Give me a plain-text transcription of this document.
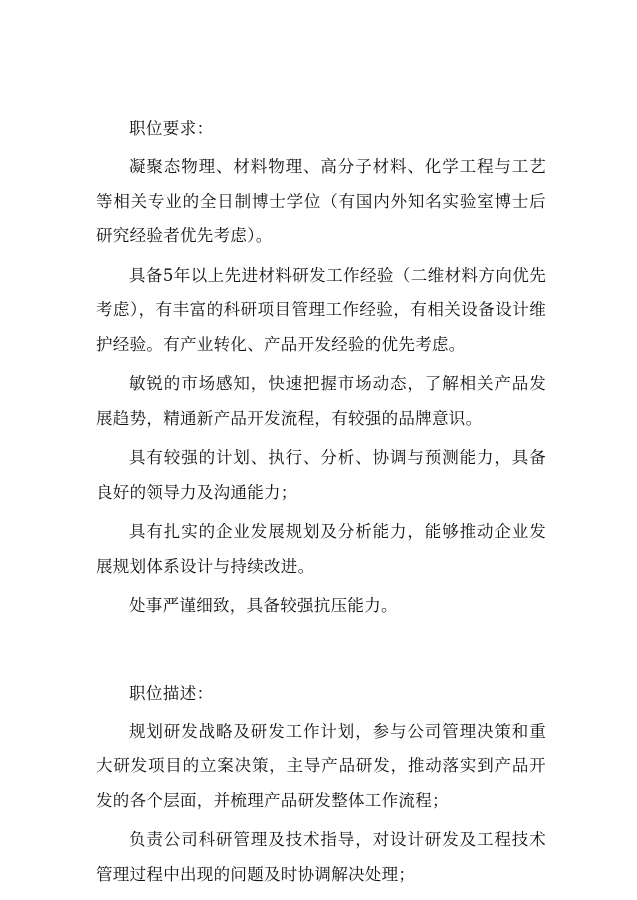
职位要求：

凝聚态物理、材料物理、高分子材料、化学工程与工艺等相关专业的全日制博士学位（有国内外知名实验室博士后研究经验者优先考虑）。

具备5年以上先进材料研发工作经验（二维材料方向优先考虑），有丰富的科研项目管理工作经验，有相关设备设计维护经验。有产业转化、产品开发经验的优先考虑。

敏锐的市场感知，快速把握市场动态，了解相关产品发展趋势，精通新产品开发流程，有较强的品牌意识。

具有较强的计划、执行、分析、协调与预测能力，具备良好的领导力及沟通能力；

具有扎实的企业发展规划及分析能力，能够推动企业发展规划体系设计与持续改进。

处事严谨细致，具备较强抗压能力。

职位描述：

规划研发战略及研发工作计划，参与公司管理决策和重大研发项目的立案决策，主导产品研发，推动落实到产品开发的各个层面，并梳理产品研发整体工作流程；

负责公司科研管理及技术指导，对设计研发及工程技术管理过程中出现的问题及时协调解决处理；
